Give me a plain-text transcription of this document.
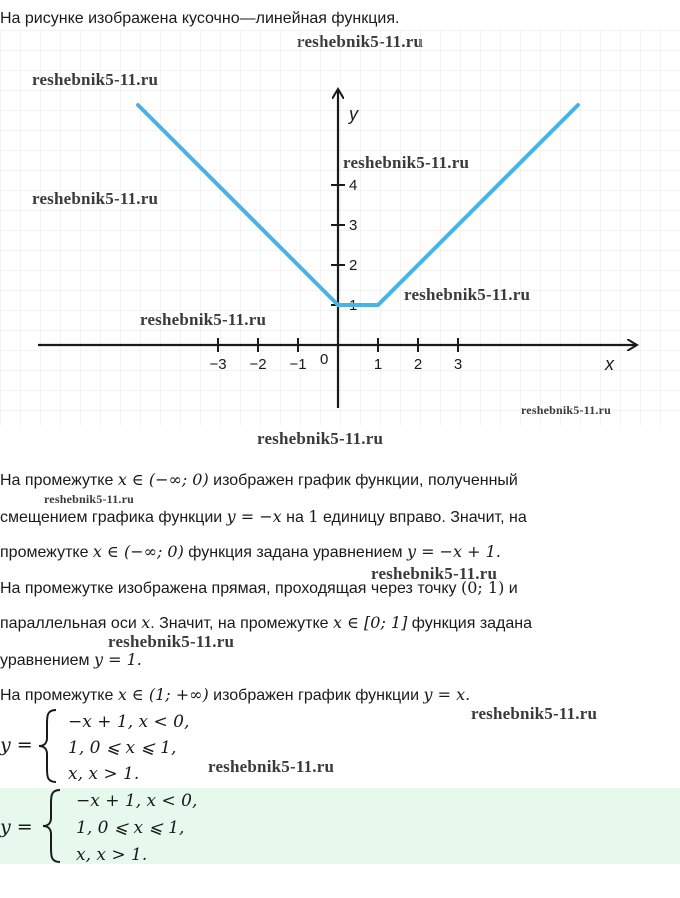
На рисунке изображена кусочно—линейная функция.
−3 −2 −1	1 2 3
1
2
3
4
x
y
0
reshebnik5-11.ru
reshebnik5-11.ru
reshebnik5-11.ru
reshebnik5-11.ru
reshebnik5-11.ru
reshebnik5-11.ru
reshebnik5-11.ru
На промежутке x ∈ (−∞; 0) изображен график функции, полученный
reshebnik5-11.ru
смещением графика функции y = −x на 1 единицу вправо. Значит, на
промежутке x ∈ (−∞; 0) функция задана уравнением y = −x + 1.
reshebnik5-11.ru
На промежутке изображена прямая, проходящая через точку (0; 1) и
параллельная оси x. Значит, на промежутке x ∈ [0; 1] функция задана
reshebnik5-11.ru
уравнением y = 1.
На промежутке x ∈ (1; +∞) изображен график функции y = x.
reshebnik5-11.ru
y =
−x + 1, x < 0,
1, 0 ⩽ x ⩽ 1,
x, x > 1.	reshebnik5-11.ru
y =
−x + 1, x < 0,
1, 0 ⩽ x ⩽ 1,
x, x > 1.
